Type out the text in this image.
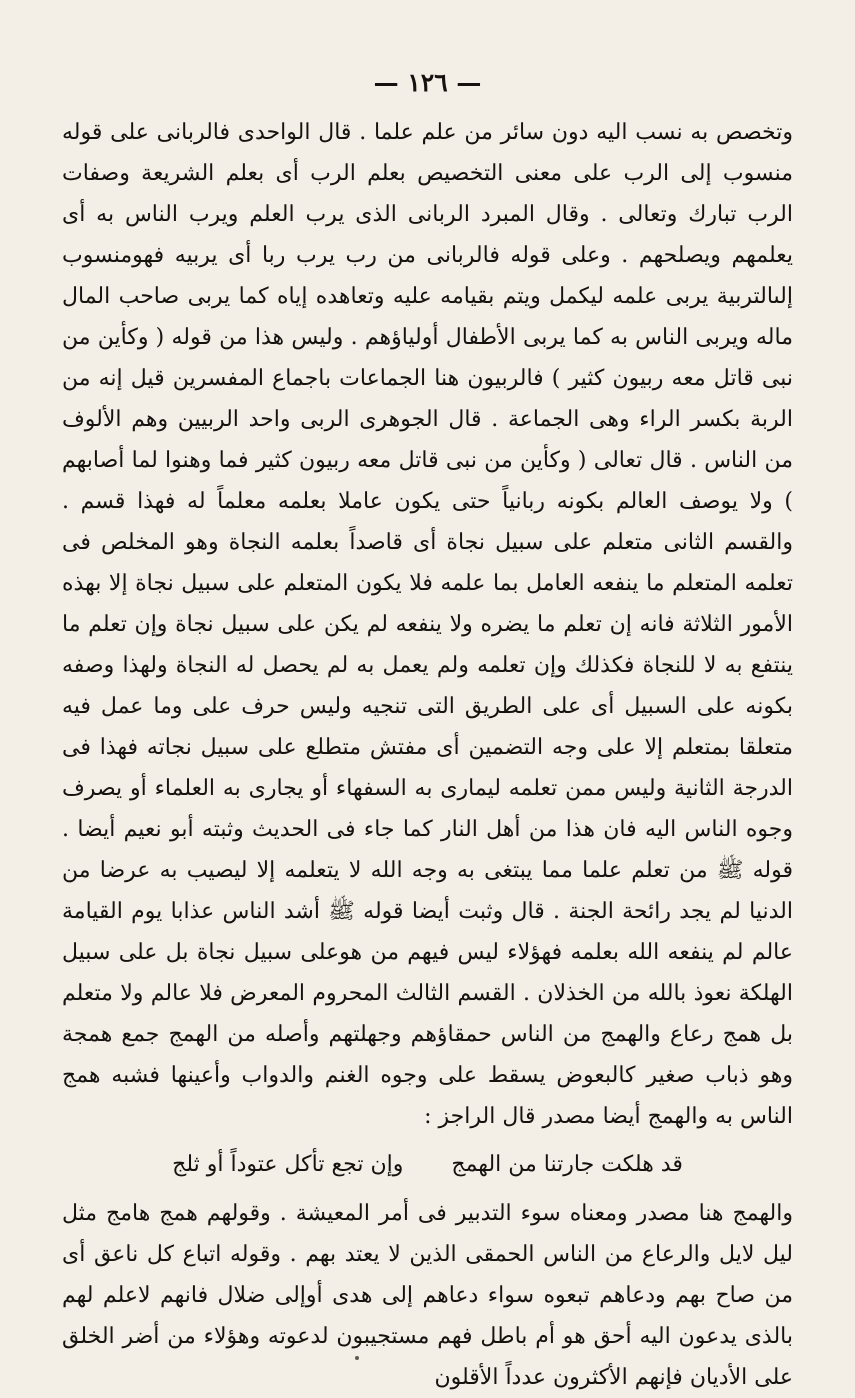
— ١٢٦ —

وتخصص به نسب اليه دون سائر من علم علما . قال الواحدى فالربانى على قوله منسوب إلى الرب على معنى التخصيص بعلم الرب أى بعلم الشريعة وصفات الرب تبارك وتعالى . وقال المبرد الربانى الذى يرب العلم ويرب الناس به أى يعلمهم ويصلحهم . وعلى قوله فالربانى من رب يرب ربا أى يربيه فهومنسوب إلىالتربية يربى علمه ليكمل ويتم بقيامه عليه وتعاهده إياه كما يربى صاحب المال ماله ويربى الناس به كما يربى الأطفال أولياؤهم . وليس هذا من قوله ( وكأين من نبى قاتل معه ربيون كثير ) فالربيون هنا الجماعات باجماع المفسرين قيل إنه من الربة بكسر الراء وهى الجماعة . قال الجوهرى الربى واحد الربيين وهم الألوف من الناس . قال تعالى ( وكأين من نبى قاتل معه ربيون كثير فما وهنوا لما أصابهم ) ولا يوصف العالم بكونه ربانياً حتى يكون عاملا بعلمه معلماً له فهذا قسم . والقسم الثانى متعلم على سبيل نجاة أى قاصداً بعلمه النجاة وهو المخلص فى تعلمه المتعلم ما ينفعه العامل بما علمه فلا يكون المتعلم على سبيل نجاة إلا بهذه الأمور الثلاثة فانه إن تعلم ما يضره ولا ينفعه لم يكن على سبيل نجاة وإن تعلم ما ينتفع به لا للنجاة فكذلك وإن تعلمه ولم يعمل به لم يحصل له النجاة ولهذا وصفه بكونه على السبيل أى على الطريق التى تنجيه وليس حرف على وما عمل فيه متعلقا بمتعلم إلا على وجه التضمين أى مفتش متطلع على سبيل نجاته فهذا فى الدرجة الثانية وليس ممن تعلمه ليمارى به السفهاء أو يجارى به العلماء أو يصرف وجوه الناس اليه فان هذا من أهل النار كما جاء فى الحديث وثبته أبو نعيم أيضا . قوله ﷺ من تعلم علما مما يبتغى به وجه الله لا يتعلمه إلا ليصيب به عرضا من الدنيا لم يجد رائحة الجنة . قال وثبت أيضا قوله ﷺ أشد الناس عذابا يوم القيامة عالم لم ينفعه الله بعلمه فهؤلاء ليس فيهم من هوعلى سبيل نجاة بل على سبيل الهلكة نعوذ بالله من الخذلان . القسم الثالث المحروم المعرض فلا عالم ولا متعلم بل همج رعاع والهمج من الناس حمقاؤهم وجهلتهم وأصله من الهمج جمع همجة وهو ذباب صغير كالبعوض يسقط على وجوه الغنم والدواب وأعينها فشبه همج الناس به والهمج أيضا مصدر قال الراجز :

قد هلكت جارتنا من الهمج
وإن تجع تأكل عتوداً أو ثلج

والهمج هنا مصدر ومعناه سوء التدبير فى أمر المعيشة . وقولهم همج هامج مثل ليل لايل والرعاع من الناس الحمقى الذين لا يعتد بهم . وقوله اتباع كل ناعق أى من صاح بهم ودعاهم تبعوه سواء دعاهم إلى هدى أوإلى ضلال فانهم لاعلم لهم بالذى يدعون اليه أحق هو أم باطل فهم مستجيبون لدعوته وهؤلاء من أضر الخلق على الأديان فإنهم الأكثرون عدداً الأقلون
